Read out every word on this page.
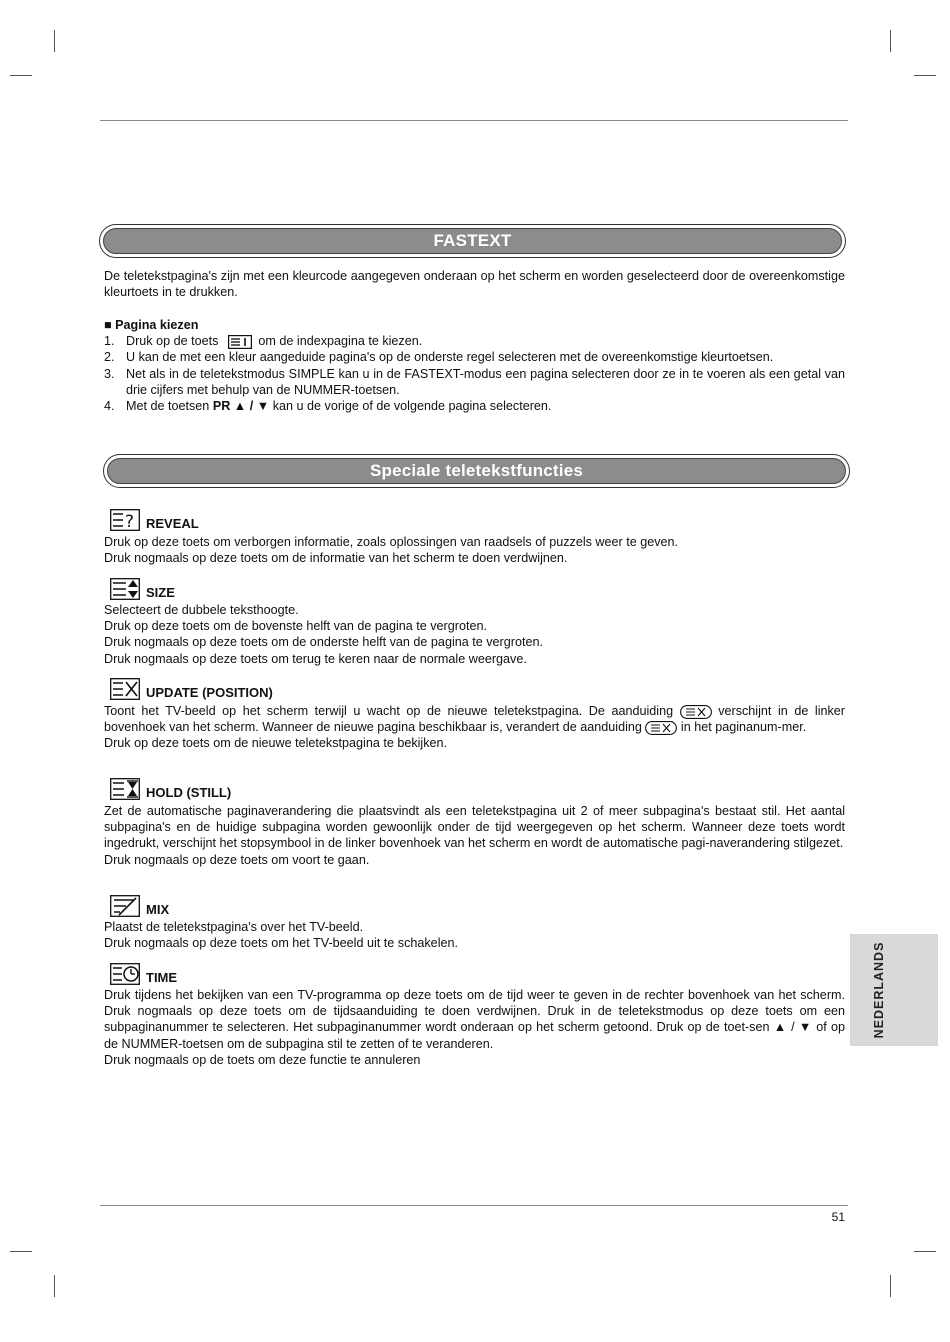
FASTEXT
De teletekstpagina's zijn met een kleurcode aangegeven onderaan op het scherm en worden geselecteerd door de overeenkomstige kleurtoets in te drukken.
■ Pagina kiezen
1. Druk op de toets	om de indexpagina te kiezen.
2. U kan de met een kleur aangeduide pagina's op de onderste regel selecteren met de overeenkomstige kleurtoetsen.
3. Net als in de teletekstmodus SIMPLE kan u in de FASTEXT-modus een pagina selecteren door ze in te voeren als een getal van drie cijfers met behulp van de NUMMER-toetsen.
4. Met de toetsen PR ▲ / ▼ kan u de vorige of de volgende pagina selecteren.
Speciale teletekstfuncties
? REVEAL
Druk op deze toets om verborgen informatie, zoals oplossingen van raadsels of puzzels weer te geven.
Druk nogmaals op deze toets om de informatie van het scherm te doen verdwijnen.
SIZE
Selecteert de dubbele teksthoogte.
Druk op deze toets om de bovenste helft van de pagina te vergroten.
Druk nogmaals op deze toets om de onderste helft van de pagina te vergroten.
Druk nogmaals op deze toets om terug te keren naar de normale weergave.
UPDATE (POSITION)
Toont het TV-beeld op het scherm terwijl u wacht op de nieuwe teletekstpagina. De aanduiding	verschijnt in de linker bovenhoek van het scherm. Wanneer de nieuwe pagina beschikbaar is, verandert de aanduiding	in het paginanum-mer.
Druk op deze toets om de nieuwe teletekstpagina te bekijken.
HOLD (STILL)
Zet de automatische paginaverandering die plaatsvindt als een teletekstpagina uit 2 of meer subpagina's bestaat stil. Het aantal subpagina's en de huidige subpagina worden gewoonlijk onder de tijd weergegeven op het scherm. Wanneer deze toets wordt ingedrukt, verschijnt het stopsymbool in de linker bovenhoek van het scherm en wordt de automatische pagi-naverandering stilgezet.
Druk nogmaals op deze toets om voort te gaan.
MIX
Plaatst de teletekstpagina's over het TV-beeld.
Druk nogmaals op deze toets om het TV-beeld uit te schakelen.
TIME
Druk tijdens het bekijken van een TV-programma op deze toets om de tijd weer te geven in de rechter bovenhoek van het scherm. Druk nogmaals op deze toets om de tijdsaanduiding te doen verdwijnen. Druk in de teletekstmodus op deze toets om een subpaginanummer te selecteren. Het subpaginanummer wordt onderaan op het scherm getoond. Druk op de toet-sen ▲ / ▼ of op de NUMMER-toetsen om de subpagina stil te zetten of te veranderen.
Druk nogmaals op de toets om deze functie te annuleren
NEDERLANDS
51
